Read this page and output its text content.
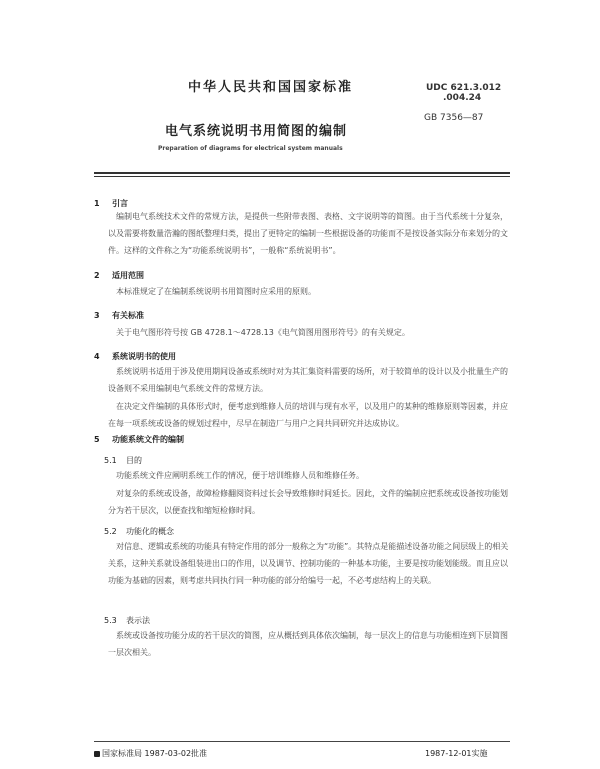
中华人民共和国国家标准	UDC 621.3.012
.004.24
GB 7356—87
电气系统说明书用简图的编制
Preparation of diagrams for electrical system manuals
1 引言
编制电气系统技术文件的常规方法，是提供一些附带表图、表格、文字说明等的简图。由于当代系统十分复杂，以及需要将数量浩瀚的图纸整理归类，提出了更特定的编制一些根据设备的功能而不是按设备实际分布来划分的文件。这样的文件称之为“功能系统说明书”，一般称“系统说明书”。
2 适用范围
本标准规定了在编制系统说明书用简图时应采用的原则。
3 有关标准
关于电气图形符号按 GB 4728.1～4728.13《电气简图用图形符号》的有关规定。
4 系统说明书的使用
系统说明书适用于涉及使用期间设备或系统时对为其汇集资料需要的场所，对于较简单的设计以及小批量生产的设备则不采用编制电气系统文件的常规方法。
在决定文件编制的具体形式时，便考虑到维修人员的培训与现有水平，以及用户的某种的维修原则等因素，并应在每一项系统或设备的规划过程中，尽早在制造厂与用户之间共同研究并达成协议。
5 功能系统文件的编制
5.1 目的
功能系统文件应阐明系统工作的情况，便于培训维修人员和维修任务。
对复杂的系统或设备，故障检修翻阅资料过长会导致维修时间延长。因此，文件的编制应把系统或设备按功能划分为若干层次，以便查找和缩短检修时间。
5.2 功能化的概念
对信息、逻辑或系统的功能具有特定作用的部分一般称之为“功能”。其特点是能描述设备功能之间层级上的相关关系，这种关系就设备组装进出口的作用，以及调节、控制功能的一种基本功能，主要是按功能划能级。而且应以功能为基础的因素，则考虑共同执行同一种功能的部分给编号一起，不必考虑结构上的关联。
5.3 表示法
系统或设备按功能分成的若干层次的简图，应从概括到具体依次编制，每一层次上的信息与功能相连到下层简图一层次相关。
国家标准局 1987-03-02批准	1987-12-01实施
